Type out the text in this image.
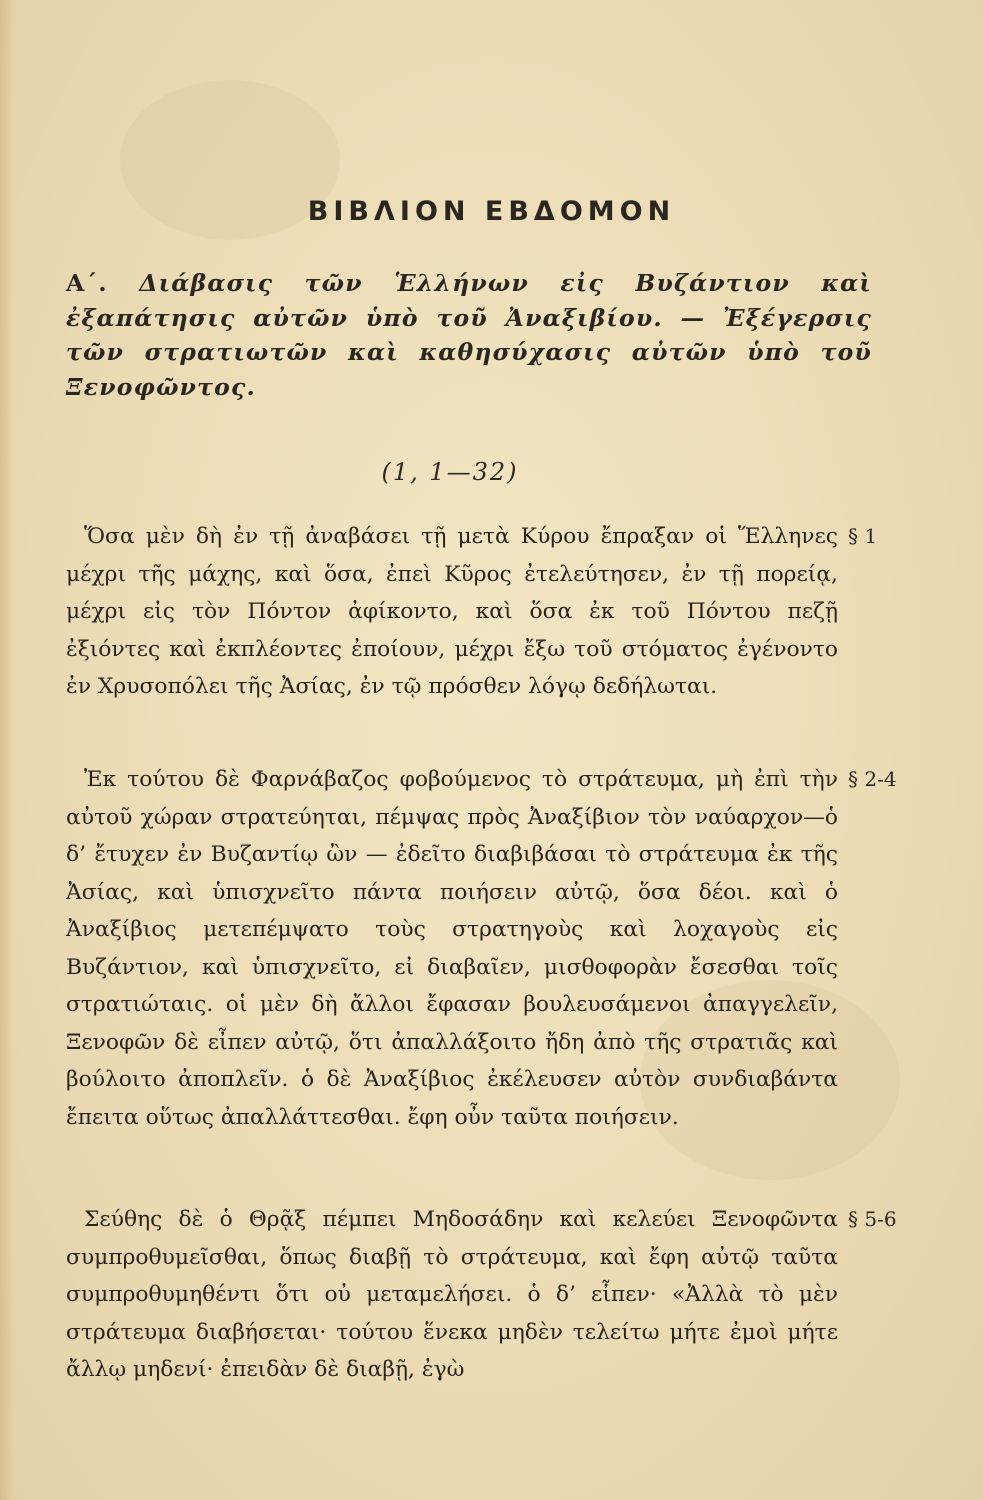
ΒΙΒΛΙΟΝ ΕΒΔΟΜΟΝ

Α΄. Διάβασις τῶν Ἑλλήνων εἰς Βυζάντιον καὶ ἐξαπάτησις αὐτῶν ὑπὸ τοῦ Ἀναξιβίου. — Ἐξέγερσις τῶν στρατιωτῶν καὶ καθησύχασις αὐτῶν ὑπὸ τοῦ Ξενοφῶντος.

(1, 1—32)

Ὅσα μὲν δὴ ἐν τῇ ἀναβάσει τῇ μετὰ Κύρου ἔπραξαν οἱ Ἕλληνες μέχρι τῆς μάχης, καὶ ὅσα, ἐπεὶ Κῦρος ἐτελεύτησεν, ἐν τῇ πορείᾳ, μέχρι εἰς τὸν Πόντον ἀφίκοντο, καὶ ὅσα ἐκ τοῦ Πόντου πεζῇ ἐξιόντες καὶ ἐκπλέοντες ἐποίουν, μέχρι ἔξω τοῦ στόματος ἐγένοντο ἐν Χρυσοπόλει τῆς Ἀσίας, ἐν τῷ πρόσθεν λόγῳ δεδήλωται.

§ 1

Ἐκ τούτου δὲ Φαρνάβαζος φοβούμενος τὸ στράτευμα, μὴ ἐπὶ τὴν αὐτοῦ χώραν στρατεύηται, πέμψας πρὸς Ἀναξίβιον τὸν ναύαρχον—ὁ δ’ ἔτυχεν ἐν Βυζαντίῳ ὢν — ἐδεῖτο διαβιβάσαι τὸ στράτευμα ἐκ τῆς Ἀσίας, καὶ ὑπισχνεῖτο πάντα ποιήσειν αὐτῷ, ὅσα δέοι. καὶ ὁ Ἀναξίβιος μετεπέμψατο τοὺς στρατηγοὺς καὶ λοχαγοὺς εἰς Βυζάντιον, καὶ ὑπισχνεῖτο, εἰ διαβαῖεν, μισθοφορὰν ἔσεσθαι τοῖς στρατιώταις. οἱ μὲν δὴ ἄλλοι ἔφασαν βουλευσάμενοι ἀπαγγελεῖν, Ξενοφῶν δὲ εἶπεν αὐτῷ, ὅτι ἀπαλλάξοιτο ἤδη ἀπὸ τῆς στρατιᾶς καὶ βούλοιτο ἀποπλεῖν. ὁ δὲ Ἀναξίβιος ἐκέλευσεν αὐτὸν συνδιαβάντα ἔπειτα οὕτως ἀπαλλάττεσθαι. ἔφη οὖν ταῦτα ποιήσειν.

§ 2-4

Σεύθης δὲ ὁ Θρᾷξ πέμπει Μηδοσάδην καὶ κελεύει Ξενοφῶντα συμπροθυμεῖσθαι, ὅπως διαβῇ τὸ στράτευμα, καὶ ἔφη αὐτῷ ταῦτα συμπροθυμηθέντι ὅτι οὐ μεταμελήσει. ὁ δ’ εἶπεν· «Ἀλλὰ τὸ μὲν στράτευμα διαβήσεται· τούτου ἕνεκα μηδὲν τελείτω μήτε ἐμοὶ μήτε ἄλλῳ μηδενί· ἐπειδὰν δὲ διαβῇ, ἐγὼ

§ 5-6
